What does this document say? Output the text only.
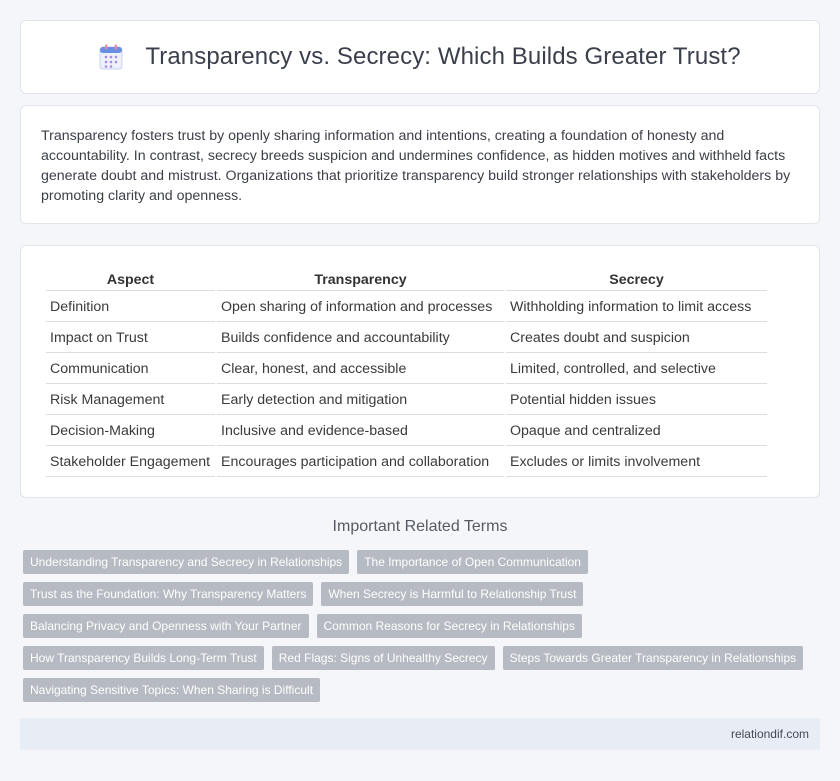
Transparency vs. Secrecy: Which Builds Greater Trust?

Transparency fosters trust by openly sharing information and intentions, creating a foundation of honesty and accountability. In contrast, secrecy breeds suspicion and undermines confidence, as hidden motives and withheld facts generate doubt and mistrust. Organizations that prioritize transparency build stronger relationships with stakeholders by promoting clarity and openness.

Aspect	Transparency	Secrecy
Definition	Open sharing of information and processes	Withholding information to limit access
Impact on Trust	Builds confidence and accountability	Creates doubt and suspicion
Communication	Clear, honest, and accessible	Limited, controlled, and selective
Risk Management	Early detection and mitigation	Potential hidden issues
Decision-Making	Inclusive and evidence-based	Opaque and centralized
Stakeholder Engagement	Encourages participation and collaboration	Excludes or limits involvement
Important Related Terms
Understanding Transparency and Secrecy in Relationships	The Importance of Open Communication
Trust as the Foundation: Why Transparency Matters	When Secrecy is Harmful to Relationship Trust
Balancing Privacy and Openness with Your Partner	Common Reasons for Secrecy in Relationships
How Transparency Builds Long-Term Trust	Red Flags: Signs of Unhealthy Secrecy	Steps Towards Greater Transparency in Relationships
Navigating Sensitive Topics: When Sharing is Difficult
relationdif.com
